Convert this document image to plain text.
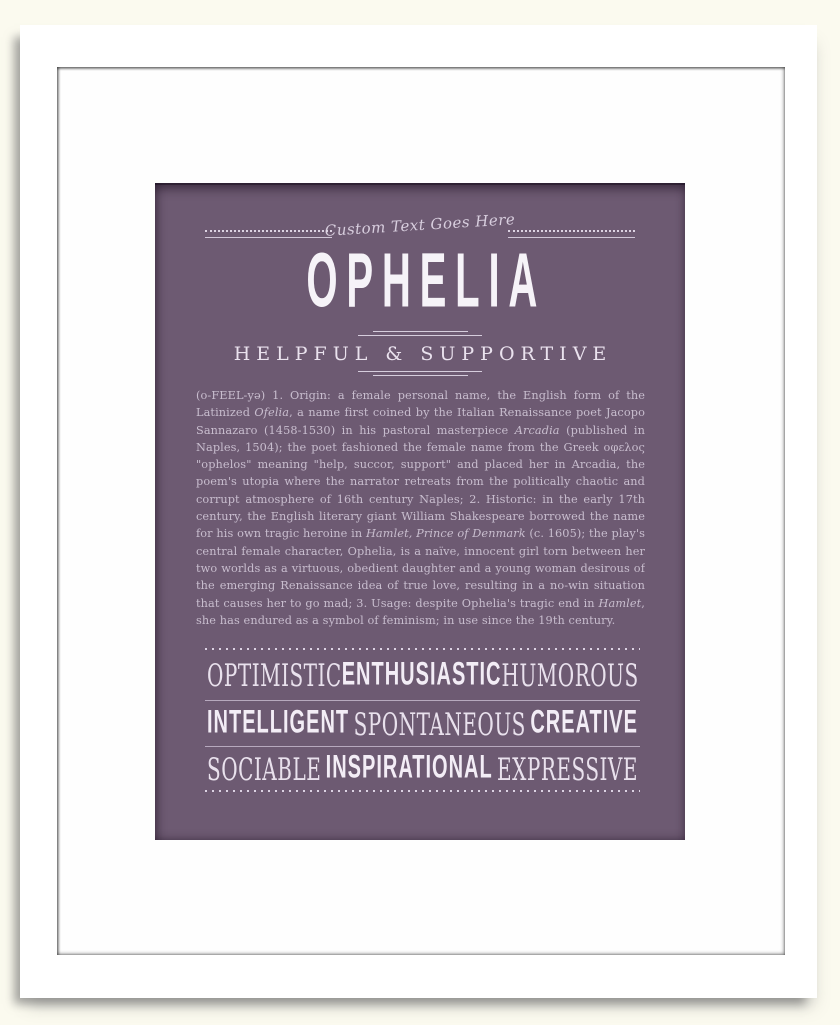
Custom Text Goes Here
OPHELIA
HELPFUL & SUPPORTIVE
(o-FEEL-yə) 1. Origin: a female personal name, the English form of the Latinized Ofelia, a name first coined by the Italian Renaissance poet Jacopo Sannazaro (1458-1530) in his pastoral masterpiece Arcadia (published in Naples, 1504); the poet fashioned the female name from the Greek οφελος "ophelos" meaning "help, succor, support" and placed her in Arcadia, the poem's utopia where the narrator retreats from the politically chaotic and corrupt atmosphere of 16th century Naples; 2. Historic: in the early 17th century, the English literary giant William Shakespeare borrowed the name for his own tragic heroine in Hamlet, Prince of Denmark (c. 1605); the play's central female character, Ophelia, is a naïve, innocent girl torn between her two worlds as a virtuous, obedient daughter and a young woman desirous of the emerging Renaissance idea of true love, resulting in a no-win situation that causes her to go mad; 3. Usage: despite Ophelia's tragic end in Hamlet, she has endured as a symbol of feminism; in use since the 19th century.
OPTIMISTIC ENTHUSIASTIC HUMOROUS
INTELLIGENT SPONTANEOUS CREATIVE
SOCIABLE INSPIRATIONAL EXPRESSIVE
